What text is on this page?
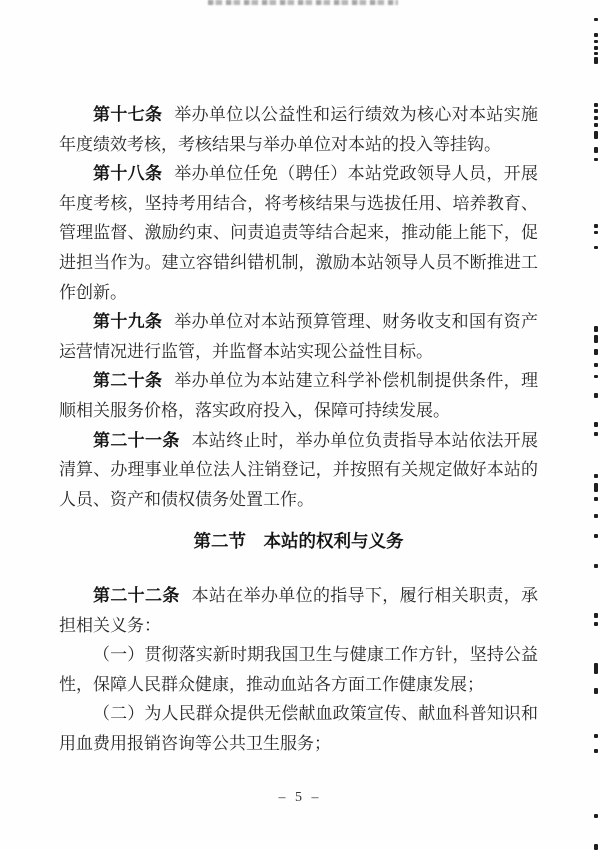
第十七条 举办单位以公益性和运行绩效为核心对本站实施年度绩效考核，考核结果与举办单位对本站的投入等挂钩。

第十八条 举办单位任免（聘任）本站党政领导人员，开展年度考核，坚持考用结合，将考核结果与选拔任用、培养教育、管理监督、激励约束、问责追责等结合起来，推动能上能下，促进担当作为。建立容错纠错机制，激励本站领导人员不断推进工作创新。

第十九条 举办单位对本站预算管理、财务收支和国有资产运营情况进行监管，并监督本站实现公益性目标。

第二十条 举办单位为本站建立科学补偿机制提供条件，理顺相关服务价格，落实政府投入，保障可持续发展。

第二十一条 本站终止时，举办单位负责指导本站依法开展清算、办理事业单位法人注销登记，并按照有关规定做好本站的人员、资产和债权债务处置工作。

第二节　本站的权利与义务

第二十二条 本站在举办单位的指导下，履行相关职责，承担相关义务：

（一）贯彻落实新时期我国卫生与健康工作方针，坚持公益性，保障人民群众健康，推动血站各方面工作健康发展；

（二）为人民群众提供无偿献血政策宣传、献血科普知识和用血费用报销咨询等公共卫生服务；

– 5 –
